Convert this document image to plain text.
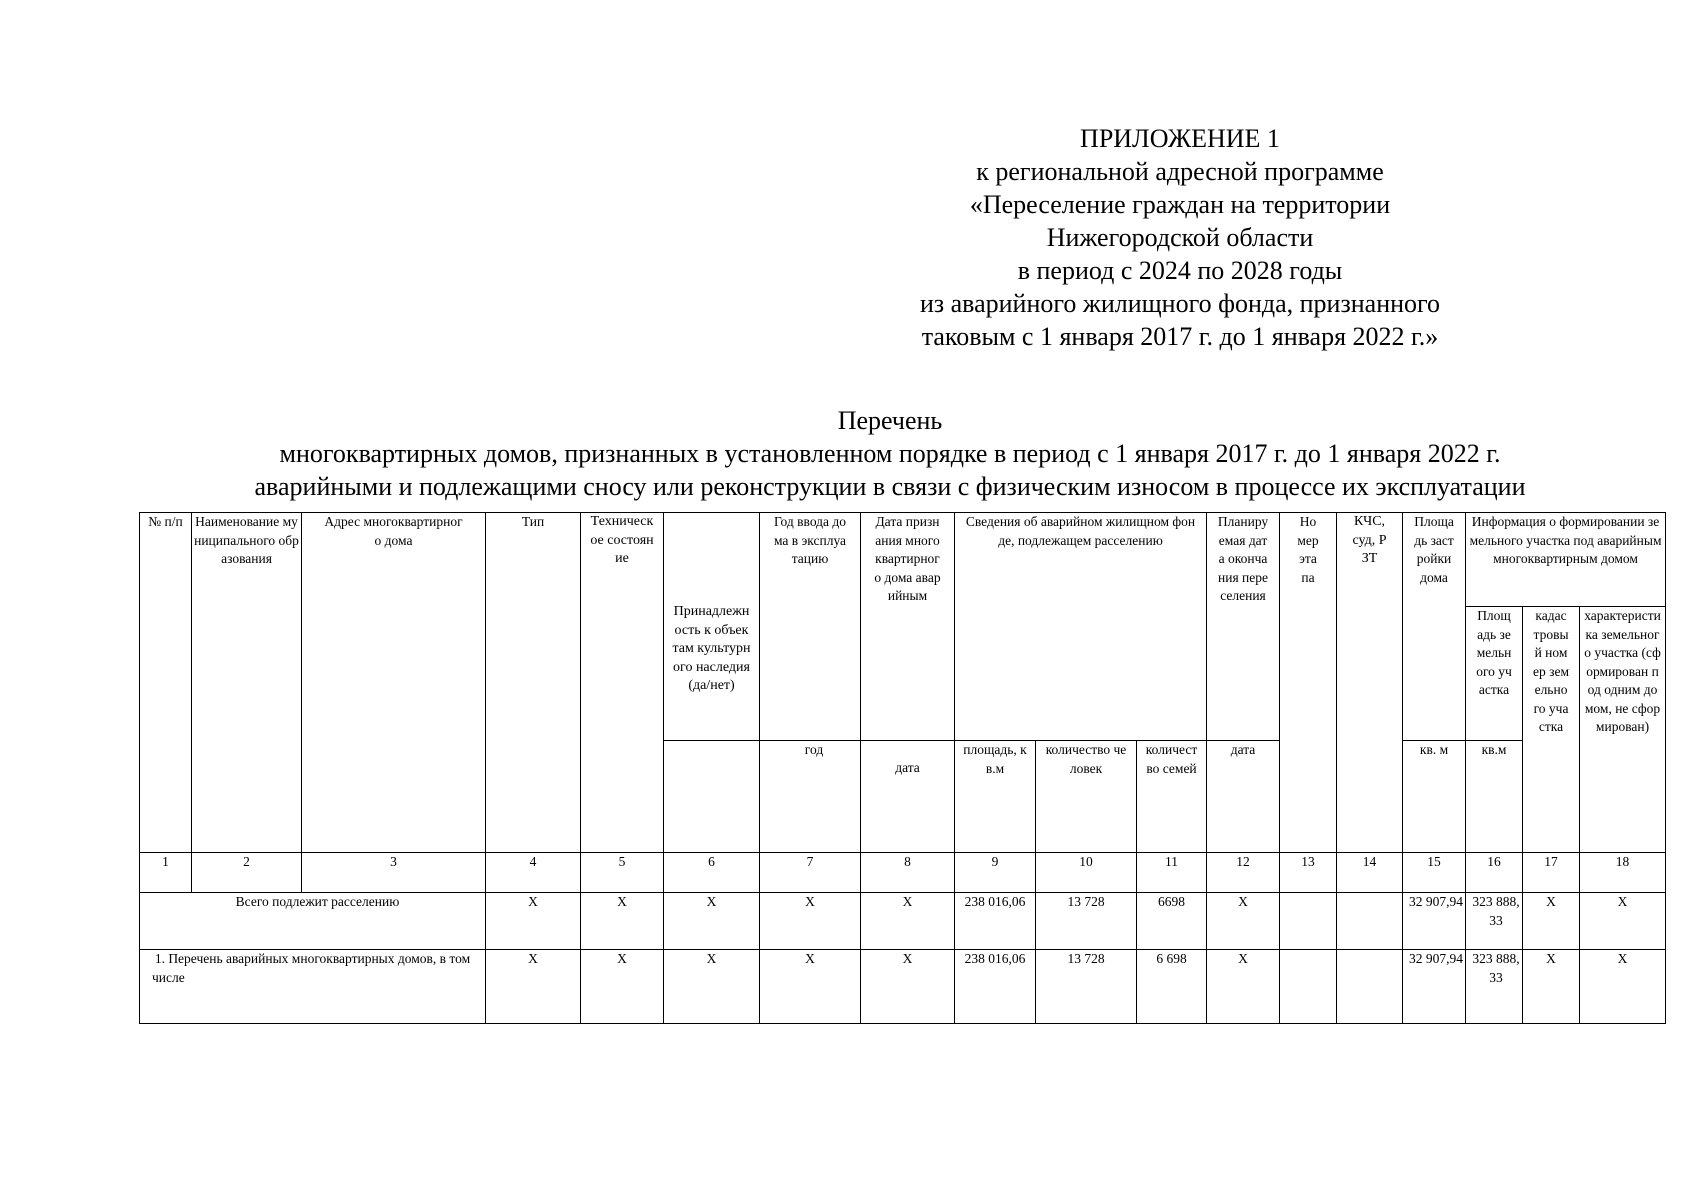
ПРИЛОЖЕНИЕ 1
к региональной адресной программе
«Переселение граждан на территории
Нижегородской области
в период с 2024 по 2028 годы
из аварийного жилищного фонда, признанного
таковым с 1 января 2017 г. до 1 января 2022 г.»
Перечень
многоквартирных домов, признанных в установленном порядке в период с 1 января 2017 г. до 1 января 2022 г.
аварийными и подлежащими сносу или реконструкции в связи с физическим износом в процессе их эксплуатации
№ п/п	Наименование муниципального образования	Адрес многоквартирного дома	Тип	Техническое состояние	Принадлежность к объектам культурного наследия (да/нет)	Год ввода дома в эксплуатацию	Дата признания многоквартирного дома аварийным	Сведения об аварийном жилищном фонде, подлежащем расселению			Планируемая дата окончания переселения	Номер этапа	КЧС, суд, РЗТ	Площадь застройки дома	Информация о формировании земельного участка под аварийным многоквартирным домом		
															Площадь земельного участка	кадастровый номер земельного участка	характеристика земельного участка (сформирован под одним домом, не сформирован)
						год	дата	площадь, кв.м	количество человек	количество семей	дата			кв. м	кв.м		
1	2	3	4	5	6	7	8	9	10	11	12	13	14	15	16	17	18
Всего подлежит расселению			X	X	X	X	X	238 016,06	13 728	6698	X			32 907,94	323 888,33	X	X
1. Перечень аварийных многоквартирных домов, в том числе			X	X	X	X	X	238 016,06	13 728	6 698	X			32 907,94	323 888,33	X	X
